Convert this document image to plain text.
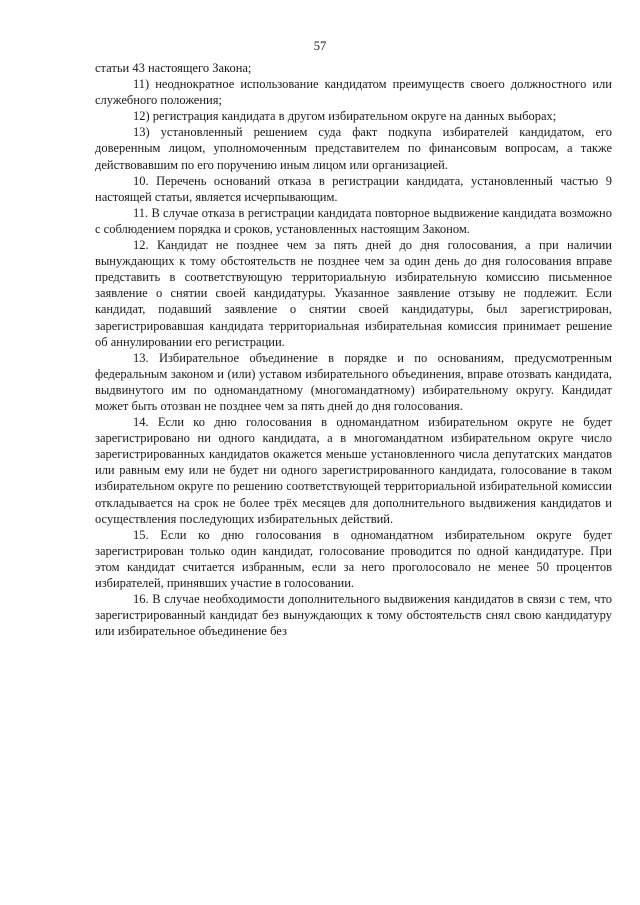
57

статьи 43 настоящего Закона;

11) неоднократное использование кандидатом преимуществ своего должностного или служебного положения;

12) регистрация кандидата в другом избирательном округе на данных выборах;

13) установленный решением суда факт подкупа избирателей кандидатом, его доверенным лицом, уполномоченным представителем по финансовым вопросам, а также действовавшим по его поручению иным лицом или организацией.

10. Перечень оснований отказа в регистрации кандидата, установленный частью 9 настоящей статьи, является исчерпывающим.

11. В случае отказа в регистрации кандидата повторное выдвижение кандидата возможно с соблюдением порядка и сроков, установленных настоящим Законом.

12. Кандидат не позднее чем за пять дней до дня голосования, а при наличии вынуждающих к тому обстоятельств не позднее чем за один день до дня голосования вправе представить в соответствующую территориальную избирательную комиссию письменное заявление о снятии своей кандидатуры. Указанное заявление отзыву не подлежит. Если кандидат, подавший заявление о снятии своей кандидатуры, был зарегистрирован, зарегистрировавшая кандидата территориальная избирательная комиссия принимает решение об аннулировании его регистрации.

13. Избирательное объединение в порядке и по основаниям, предусмотренным федеральным законом и (или) уставом избирательного объединения, вправе отозвать кандидата, выдвинутого им по одномандатному (многомандатному) избирательному округу. Кандидат может быть отозван не позднее чем за пять дней до дня голосования.

14. Если ко дню голосования в одномандатном избирательном округе не будет зарегистрировано ни одного кандидата, а в многомандатном избирательном округе число зарегистрированных кандидатов окажется меньше установленного числа депутатских мандатов или равным ему или не будет ни одного зарегистрированного кандидата, голосование в таком избирательном округе по решению соответствующей территориальной избирательной комиссии откладывается на срок не более трёх месяцев для дополнительного выдвижения кандидатов и осуществления последующих избирательных действий.

15. Если ко дню голосования в одномандатном избирательном округе будет зарегистрирован только один кандидат, голосование проводится по одной кандидатуре. При этом кандидат считается избранным, если за него проголосовало не менее 50 процентов избирателей, принявших участие в голосовании.

16. В случае необходимости дополнительного выдвижения кандидатов в связи с тем, что зарегистрированный кандидат без вынуждающих к тому обстоятельств снял свою кандидатуру или избирательное объединение без
